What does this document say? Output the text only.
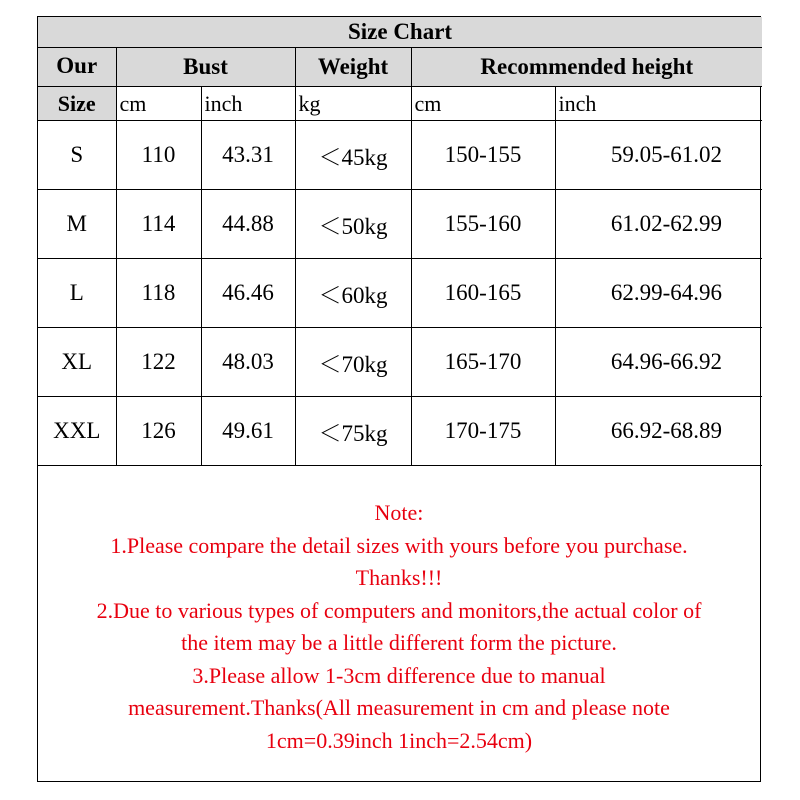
Size Chart					
Our	Bust		Weight	Recommended height	
Size	cm	inch	kg	cm	inch
S	110	43.31	＜45kg	150-155	59.05-61.02
M	114	44.88	＜50kg	155-160	61.02-62.99
L	118	46.46	＜60kg	160-165	62.99-64.96
XL	122	48.03	＜70kg	165-170	64.96-66.92
XXL	126	49.61	＜75kg	170-175	66.92-68.89
Note:
1.Please compare the detail sizes with yours before you purchase.
Thanks!!!
2.Due to various types of computers and monitors,the actual color of
the item may be a little different form the picture.
3.Please allow 1-3cm difference due to manual
measurement.Thanks(All measurement in cm and please note
1cm=0.39inch 1inch=2.54cm)
